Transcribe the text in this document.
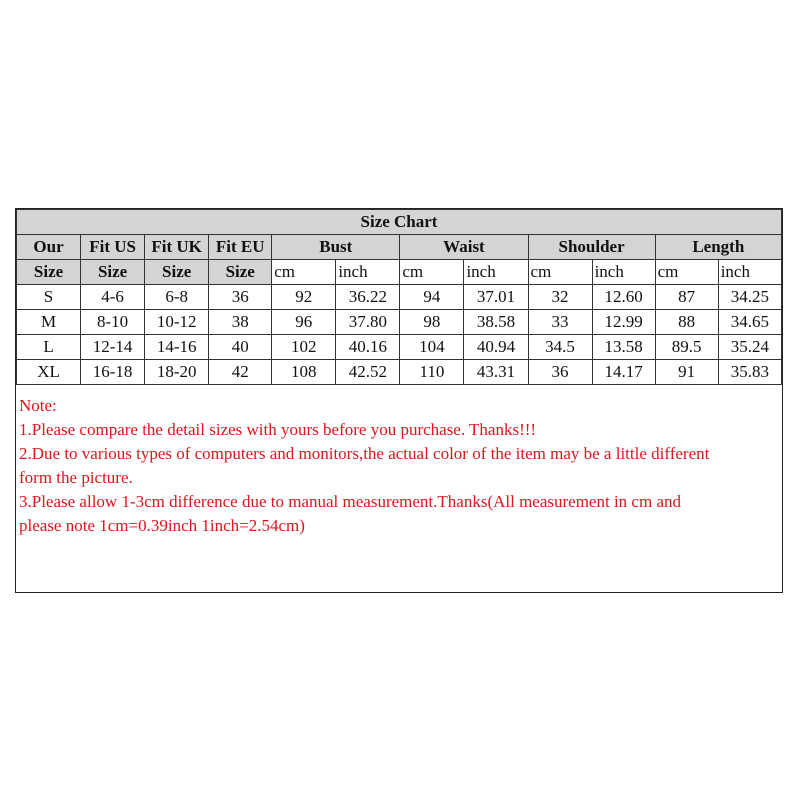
Size Chart											
Our	Fit US	Fit UK	Fit EU	Bust		Waist		Shoulder		Length	
Size	Size	Size	Size	cm	inch	cm	inch	cm	inch	cm	inch
S	4-6	6-8	36	92	36.22	94	37.01	32	12.60	87	34.25
M	8-10	10-12	38	96	37.80	98	38.58	33	12.99	88	34.65
L	12-14	14-16	40	102	40.16	104	40.94	34.5	13.58	89.5	35.24
XL	16-18	18-20	42	108	42.52	110	43.31	36	14.17	91	35.83
Note:
1.Please compare the detail sizes with yours before you purchase. Thanks!!!
2.Due to various types of computers and monitors,the actual color of the item may be a little different
form the picture.
3.Please allow 1-3cm difference due to manual measurement.Thanks(All measurement in cm and
please note 1cm=0.39inch 1inch=2.54cm)
